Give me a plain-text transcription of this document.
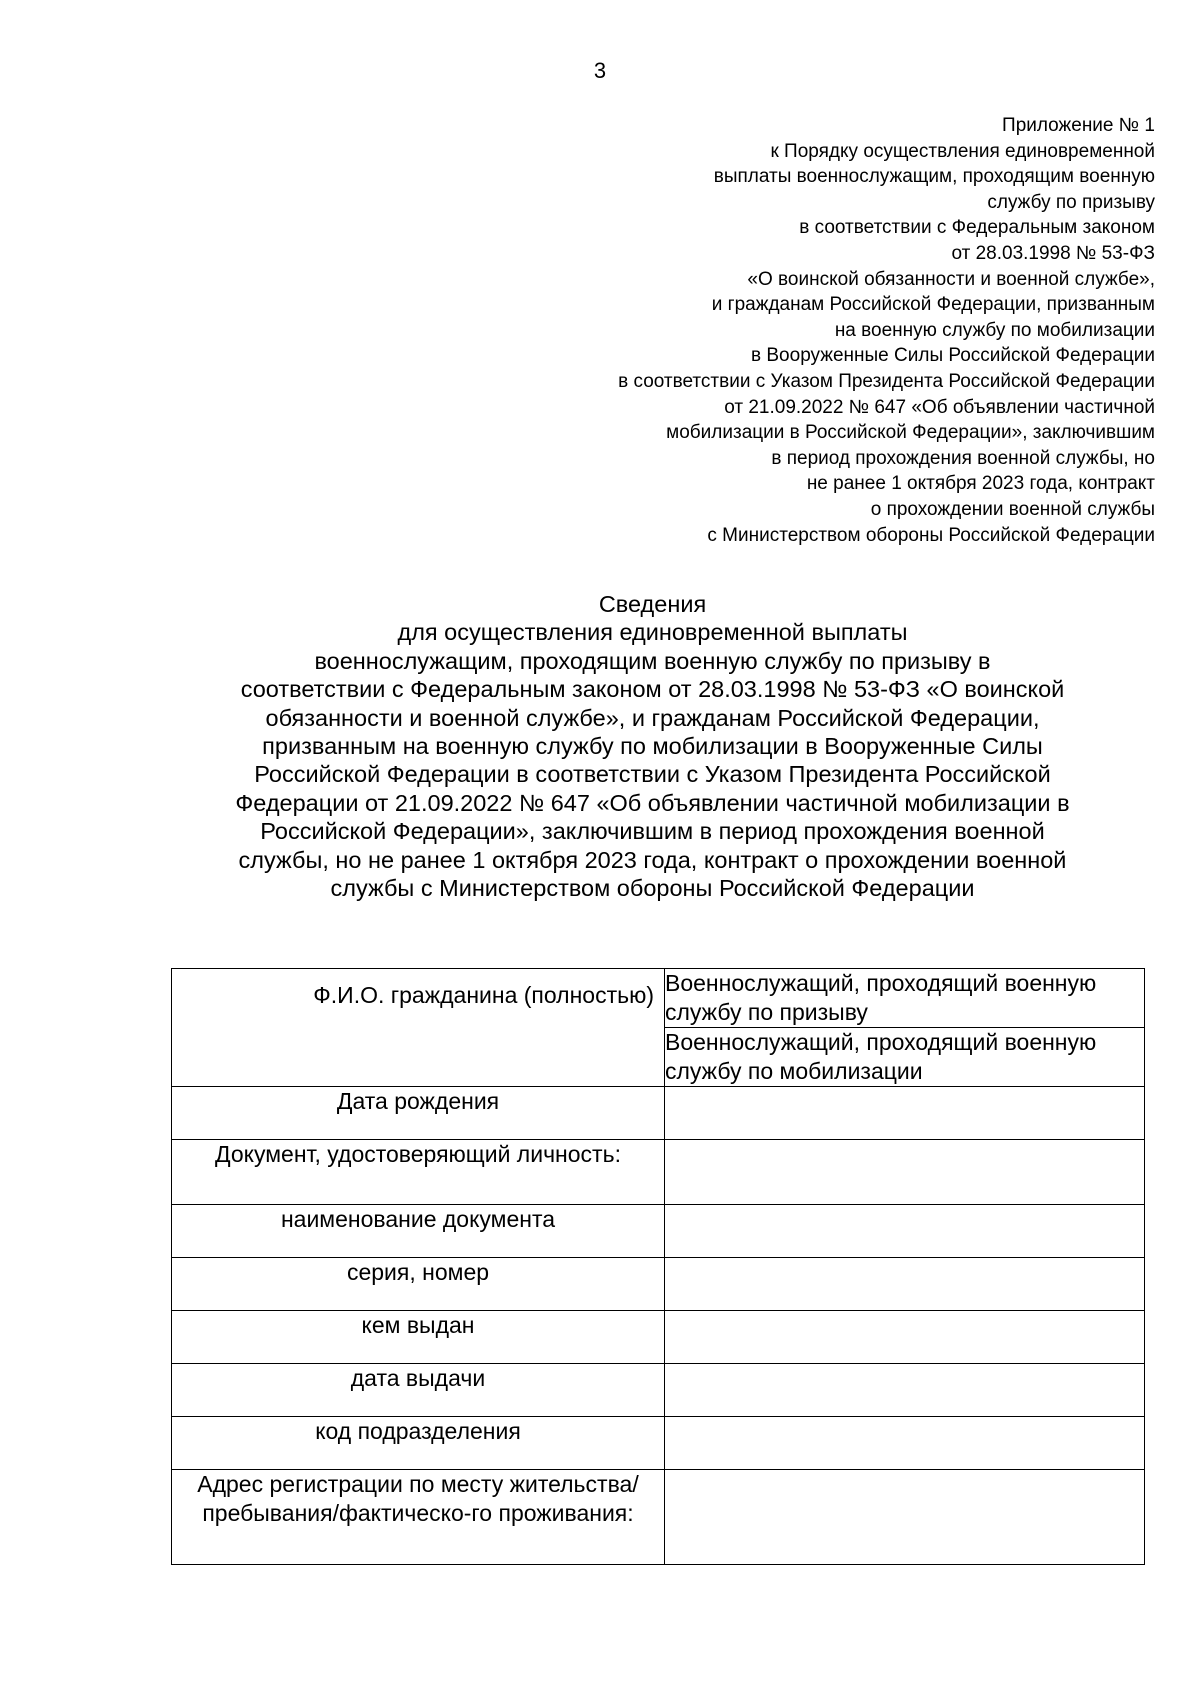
3
Приложение № 1
к Порядку осуществления единовременной
выплаты военнослужащим, проходящим военную
службу по призыву
в соответствии с Федеральным законом
от 28.03.1998 № 53-ФЗ
«О воинской обязанности и военной службе»,
и гражданам Российской Федерации, призванным
на военную службу по мобилизации
в Вооруженные Силы Российской Федерации
в соответствии с Указом Президента Российской Федерации
от 21.09.2022 № 647 «Об объявлении частичной
мобилизации в Российской Федерации», заключившим
в период прохождения военной службы, но
не ранее 1 октября 2023 года, контракт
о прохождении военной службы
с Министерством обороны Российской Федерации
Сведения
для осуществления единовременной выплаты
военнослужащим, проходящим военную службу по призыву в
соответствии с Федеральным законом от 28.03.1998 № 53-ФЗ «О воинской
обязанности и военной службе», и гражданам Российской Федерации,
призванным на военную службу по мобилизации в Вооруженные Силы
Российской Федерации в соответствии с Указом Президента Российской
Федерации от 21.09.2022 № 647 «Об объявлении частичной мобилизации в
Российской Федерации», заключившим в период прохождения военной
службы, но не ранее 1 октября 2023 года, контракт о прохождении военной
службы с Министерством обороны Российской Федерации
Ф.И.О. гражданина (полностью)	Военнослужащий, проходящий военную службу по призыву
	Военнослужащий, проходящий военную службу по мобилизации
Дата рождения	
Документ, удостоверяющий личность:	
наименование документа	
серия, номер	
кем выдан	
дата выдачи	
код подразделения	
Адрес регистрации по месту жительства/пребывания/фактическо-го проживания:	
